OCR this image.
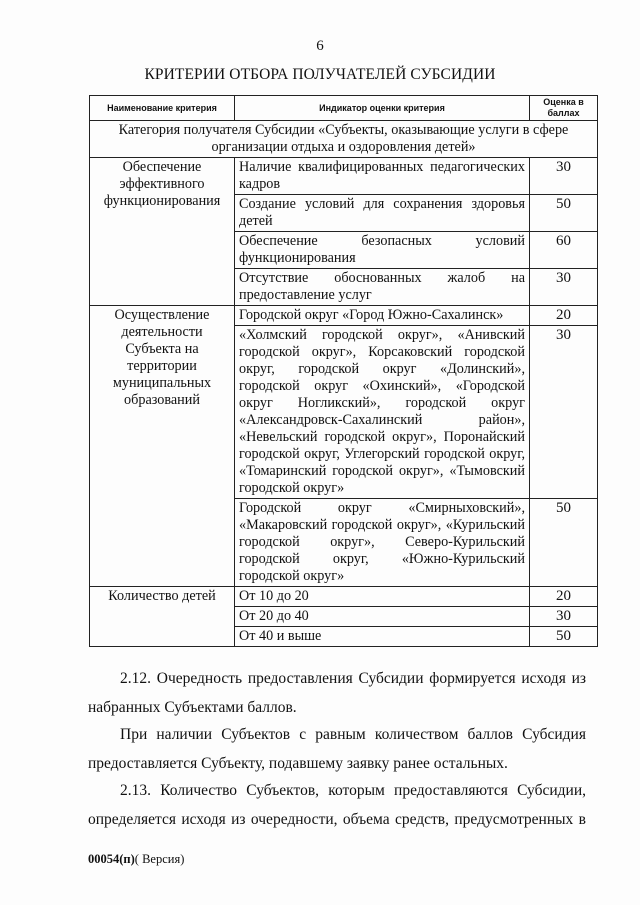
6
КРИТЕРИИ ОТБОРА ПОЛУЧАТЕЛЕЙ СУБСИДИИ
Наименование критерия	Индикатор оценки критерия	Оценка в баллах
Категория получателя Субсидии «Субъекты, оказывающие услуги в сфере организации отдыха и оздоровления детей»		
Обеспечение эффективного функционирования	Наличие квалифицированных педагогических кадров	30
	Создание условий для сохранения здоровья детей	50
	Обеспечение безопасных условий функционирования	60
	Отсутствие обоснованных жалоб на предоставление услуг	30
Осуществление деятельности Субъекта на территории муниципальных образований	Городской округ «Город Южно-Сахалинск»	20
	«Холмский городской округ», «Анивский городской округ», Корсаковский городской округ, городской округ «Долинский», городской округ «Охинский», «Городской округ Ногликский», городской округ «Александровск-Сахалинский район», «Невельский городской округ», Поронайский городской округ, Углегорский городской округ, «Томаринский городской округ», «Тымовский городской округ»	30
	Городской округ «Смирныховский», «Макаровский городской округ», «Курильский городской округ», Северо-Курильский городской округ, «Южно-Курильский городской округ»	50
Количество детей	От 10 до 20	20
	От 20 до 40	30
	От 40 и выше	50
2.12. Очередность предоставления Субсидии формируется исходя из
набранных Субъектами баллов.
При наличии Субъектов с равным количеством баллов Субсидия
предоставляется Субъекту, подавшему заявку ранее остальных.
2.13. Количество Субъектов, которым предоставляются Субсидии,
определяется исходя из очередности, объема средств, предусмотренных в
00054(п)( Версия)
